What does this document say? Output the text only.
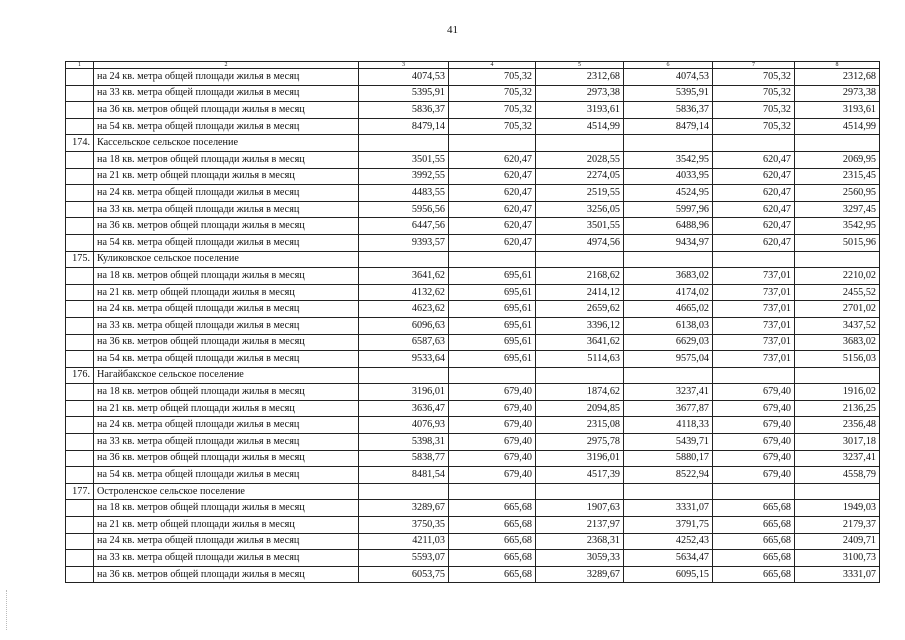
41
1	2	3	4	5	6	7	8
	на 24 кв. метра общей площади жилья в месяц	4074,53	705,32	2312,68	4074,53	705,32	2312,68
	на 33 кв. метра общей площади жилья в месяц	5395,91	705,32	2973,38	5395,91	705,32	2973,38
	на 36 кв. метров общей площади жилья в месяц	5836,37	705,32	3193,61	5836,37	705,32	3193,61
	на 54 кв. метра общей площади жилья в месяц	8479,14	705,32	4514,99	8479,14	705,32	4514,99
174.	Кассельское сельское поселение						
	на 18 кв. метров общей площади жилья в месяц	3501,55	620,47	2028,55	3542,95	620,47	2069,95
	на 21 кв. метр общей площади жилья в месяц	3992,55	620,47	2274,05	4033,95	620,47	2315,45
	на 24 кв. метра общей площади жилья в месяц	4483,55	620,47	2519,55	4524,95	620,47	2560,95
	на 33 кв. метра общей площади жилья в месяц	5956,56	620,47	3256,05	5997,96	620,47	3297,45
	на 36 кв. метров общей площади жилья в месяц	6447,56	620,47	3501,55	6488,96	620,47	3542,95
	на 54 кв. метра общей площади жилья в месяц	9393,57	620,47	4974,56	9434,97	620,47	5015,96
175.	Куликовское сельское поселение						
	на 18 кв. метров общей площади жилья в месяц	3641,62	695,61	2168,62	3683,02	737,01	2210,02
	на 21 кв. метр общей площади жилья в месяц	4132,62	695,61	2414,12	4174,02	737,01	2455,52
	на 24 кв. метра общей площади жилья в месяц	4623,62	695,61	2659,62	4665,02	737,01	2701,02
	на 33 кв. метра общей площади жилья в месяц	6096,63	695,61	3396,12	6138,03	737,01	3437,52
	на 36 кв. метров общей площади жилья в месяц	6587,63	695,61	3641,62	6629,03	737,01	3683,02
	на 54 кв. метра общей площади жилья в месяц	9533,64	695,61	5114,63	9575,04	737,01	5156,03
176.	Нагайбакское сельское поселение						
	на 18 кв. метров общей площади жилья в месяц	3196,01	679,40	1874,62	3237,41	679,40	1916,02
	на 21 кв. метр общей площади жилья в месяц	3636,47	679,40	2094,85	3677,87	679,40	2136,25
	на 24 кв. метра общей площади жилья в месяц	4076,93	679,40	2315,08	4118,33	679,40	2356,48
	на 33 кв. метра общей площади жилья в месяц	5398,31	679,40	2975,78	5439,71	679,40	3017,18
	на 36 кв. метров общей площади жилья в месяц	5838,77	679,40	3196,01	5880,17	679,40	3237,41
	на 54 кв. метра общей площади жилья в месяц	8481,54	679,40	4517,39	8522,94	679,40	4558,79
177.	Остроленское сельское поселение						
	на 18 кв. метров общей площади жилья в месяц	3289,67	665,68	1907,63	3331,07	665,68	1949,03
	на 21 кв. метр общей площади жилья в месяц	3750,35	665,68	2137,97	3791,75	665,68	2179,37
	на 24 кв. метра общей площади жилья в месяц	4211,03	665,68	2368,31	4252,43	665,68	2409,71
	на 33 кв. метра общей площади жилья в месяц	5593,07	665,68	3059,33	5634,47	665,68	3100,73
	на 36 кв. метров общей площади жилья в месяц	6053,75	665,68	3289,67	6095,15	665,68	3331,07
